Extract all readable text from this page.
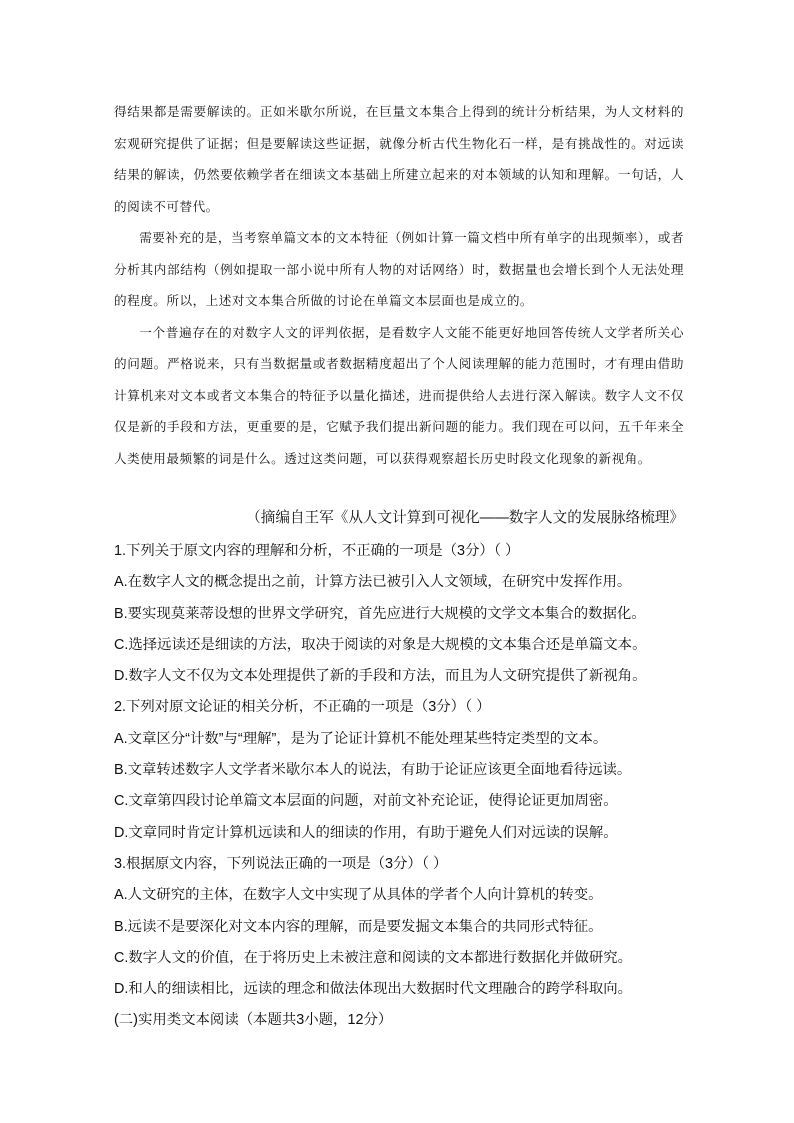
得结果都是需要解读的。正如米歇尔所说，在巨量文本集合上得到的统计分析结果，为人文材料的宏观研究提供了证据；但是要解读这些证据，就像分析古代生物化石一样，是有挑战性的。对远读结果的解读，仍然要依赖学者在细读文本基础上所建立起来的对本领域的认知和理解。一句话，人的阅读不可替代。

需要补充的是，当考察单篇文本的文本特征（例如计算一篇文档中所有单字的出现频率），或者分析其内部结构（例如提取一部小说中所有人物的对话网络）时，数据量也会增长到个人无法处理的程度。所以，上述对文本集合所做的讨论在单篇文本层面也是成立的。

一个普遍存在的对数字人文的评判依据，是看数字人文能不能更好地回答传统人文学者所关心的问题。严格说来，只有当数据量或者数据精度超出了个人阅读理解的能力范围时，才有理由借助计算机来对文本或者文本集合的特征予以量化描述，进而提供给人去进行深入解读。数字人文不仅仅是新的手段和方法，更重要的是，它赋予我们提出新问题的能力。我们现在可以问，五千年来全人类使用最频繁的词是什么。透过这类问题，可以获得观察超长历史时段文化现象的新视角。

（摘编自王军《从人文计算到可视化——数字人文的发展脉络梳理》
1.下列关于原文内容的理解和分析，不正确的一项是（3分）（ ）
A.在数字人文的概念提出之前，计算方法已被引入人文领域，在研究中发挥作用。
B.要实现莫莱蒂设想的世界文学研究，首先应进行大规模的文学文本集合的数据化。
C.选择远读还是细读的方法，取决于阅读的对象是大规模的文本集合还是单篇文本。
D.数字人文不仅为文本处理提供了新的手段和方法，而且为人文研究提供了新视角。
2.下列对原文论证的相关分析，不正确的一项是（3分）（ ）
A.文章区分“计数”与“理解”，是为了论证计算机不能处理某些特定类型的文本。
B.文章转述数字人文学者米歇尔本人的说法，有助于论证应该更全面地看待远读。
C.文章第四段讨论单篇文本层面的问题，对前文补充论证，使得论证更加周密。
D.文章同时肯定计算机远读和人的细读的作用，有助于避免人们对远读的误解。
3.根据原文内容，下列说法正确的一项是（3分）（ ）
A.人文研究的主体，在数字人文中实现了从具体的学者个人向计算机的转变。
B.远读不是要深化对文本内容的理解，而是要发掘文本集合的共同形式特征。
C.数字人文的价值，在于将历史上未被注意和阅读的文本都进行数据化并做研究。
D.和人的细读相比，远读的理念和做法体现出大数据时代文理融合的跨学科取向。
(二)实用类文本阅读（本题共3小题，12分）
